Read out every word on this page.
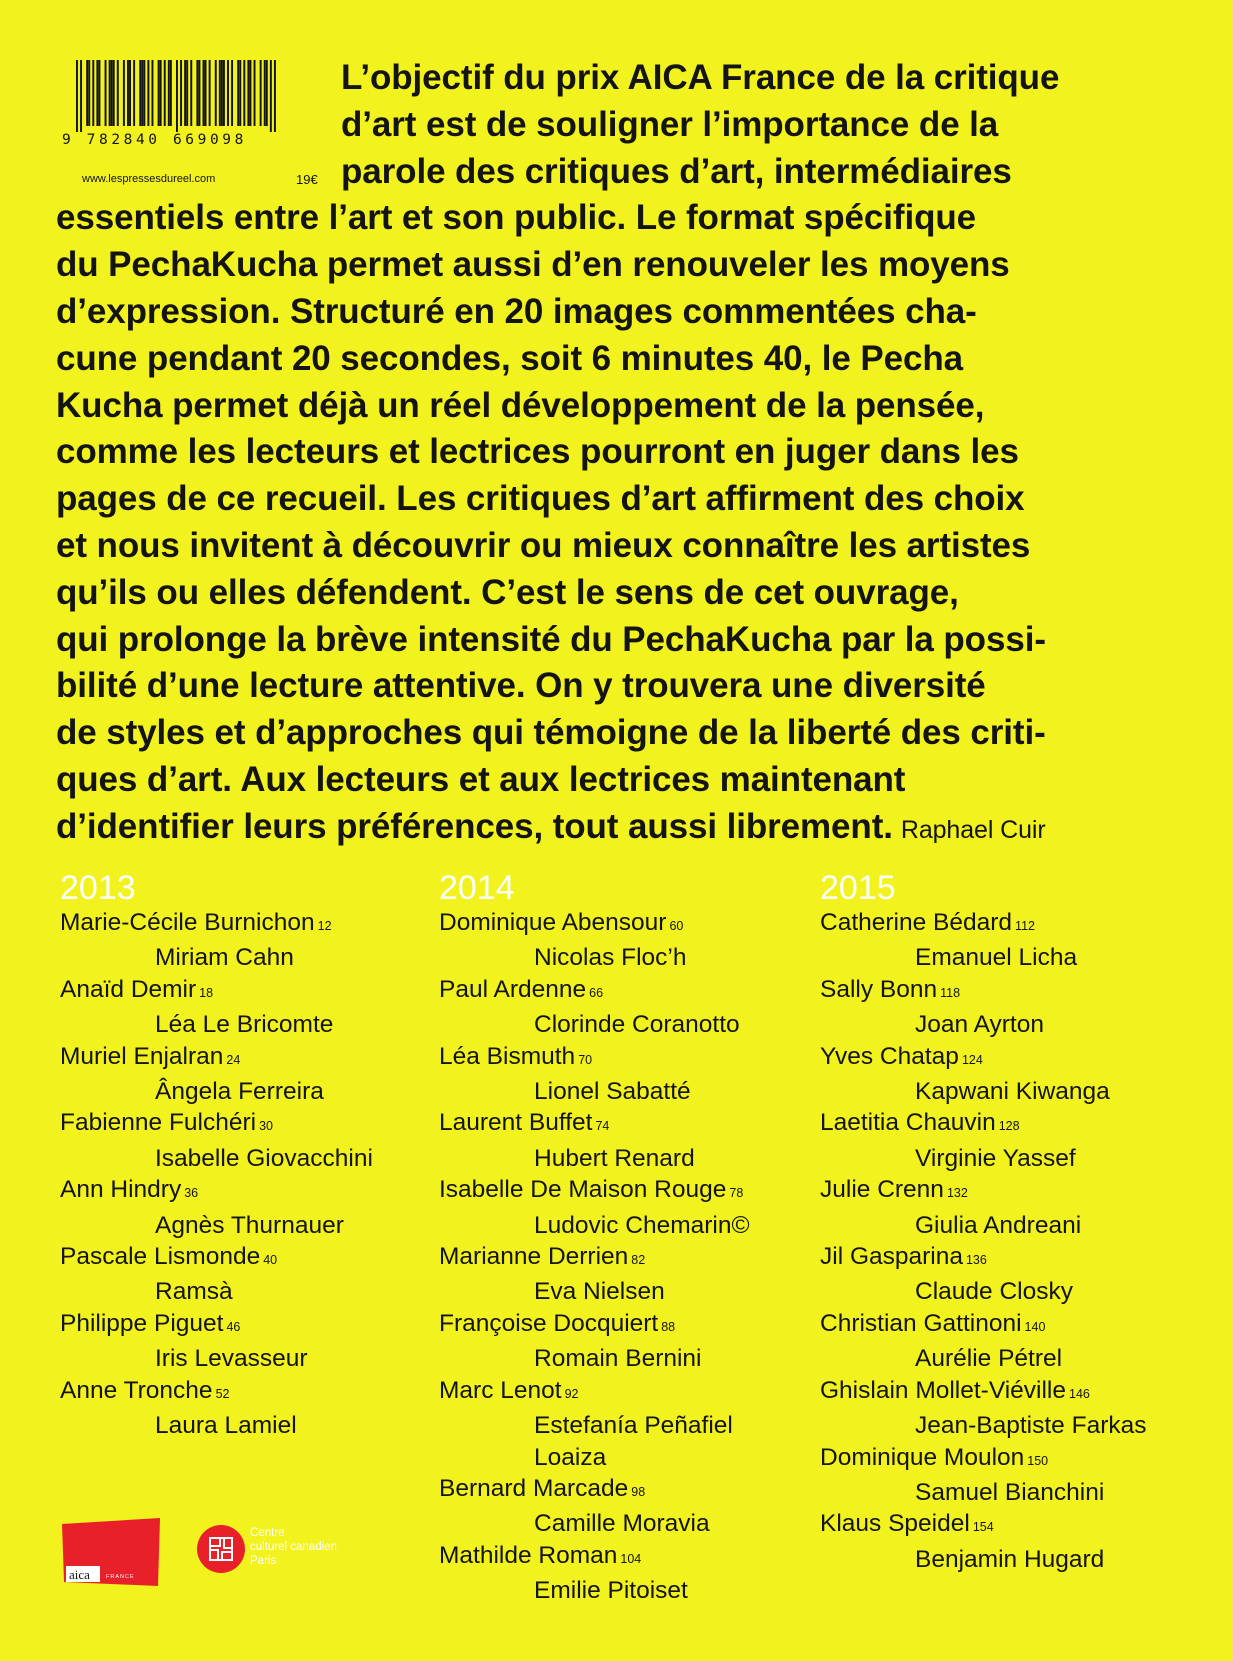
9 782840 669098
www.lespressesdureel.com	19€

L’objectif du prix AICA France de la critique
d’art est de souligner l’importance de la
parole des critiques d’art, intermédiaires
essentiels entre l’art et son public. Le format spécifique
du PechaKucha permet aussi d’en renouveler les moyens
d’expression. Structuré en 20 images commentées cha-
cune pendant 20 secondes, soit 6 minutes 40, le Pecha
Kucha permet déjà un réel développement de la pensée,
comme les lecteurs et lectrices pourront en juger dans les
pages de ce recueil. Les critiques d’art affirment des choix
et nous invitent à découvrir ou mieux connaître les artistes
qu’ils ou elles défendent. C’est le sens de cet ouvrage,
qui prolonge la brève intensité du PechaKucha par la possi-
bilité d’une lecture attentive. On y trouvera une diversité
de styles et d’approches qui témoigne de la liberté des criti-
ques d’art. Aux lecteurs et aux lectrices maintenant
d’identifier leurs préférences, tout aussi librement. Raphael Cuir

2013
Marie-Cécile Burnichon 12
Miriam Cahn
Anaïd Demir 18
Léa Le Bricomte
Muriel Enjalran 24
Ângela Ferreira
Fabienne Fulchéri 30
Isabelle Giovacchini
Ann Hindry 36
Agnès Thurnauer
Pascale Lismonde 40
Ramsà
Philippe Piguet 46
Iris Levasseur
Anne Tronche 52
Laura Lamiel
2014
Dominique Abensour 60
Nicolas Floc’h
Paul Ardenne 66
Clorinde Coranotto
Léa Bismuth 70
Lionel Sabatté
Laurent Buffet 74
Hubert Renard
Isabelle De Maison Rouge 78
Ludovic Chemarin©
Marianne Derrien 82
Eva Nielsen
Françoise Docquiert 88
Romain Bernini
Marc Lenot 92
Estefanía Peñafiel
Loaiza
Bernard Marcade 98
Camille Moravia
Mathilde Roman 104
Emilie Pitoiset
2015
Catherine Bédard 112
Emanuel Licha
Sally Bonn 118
Joan Ayrton
Yves Chatap 124
Kapwani Kiwanga
Laetitia Chauvin 128
Virginie Yassef
Julie Crenn 132
Giulia Andreani
Jil Gasparina 136
Claude Closky
Christian Gattinoni 140
Aurélie Pétrel
Ghislain Mollet-Viéville 146
Jean-Baptiste Farkas
Dominique Moulon 150
Samuel Bianchini
Klaus Speidel 154
Benjamin Hugard
aica	FRANCE
Centre
culturel canadien
Paris
